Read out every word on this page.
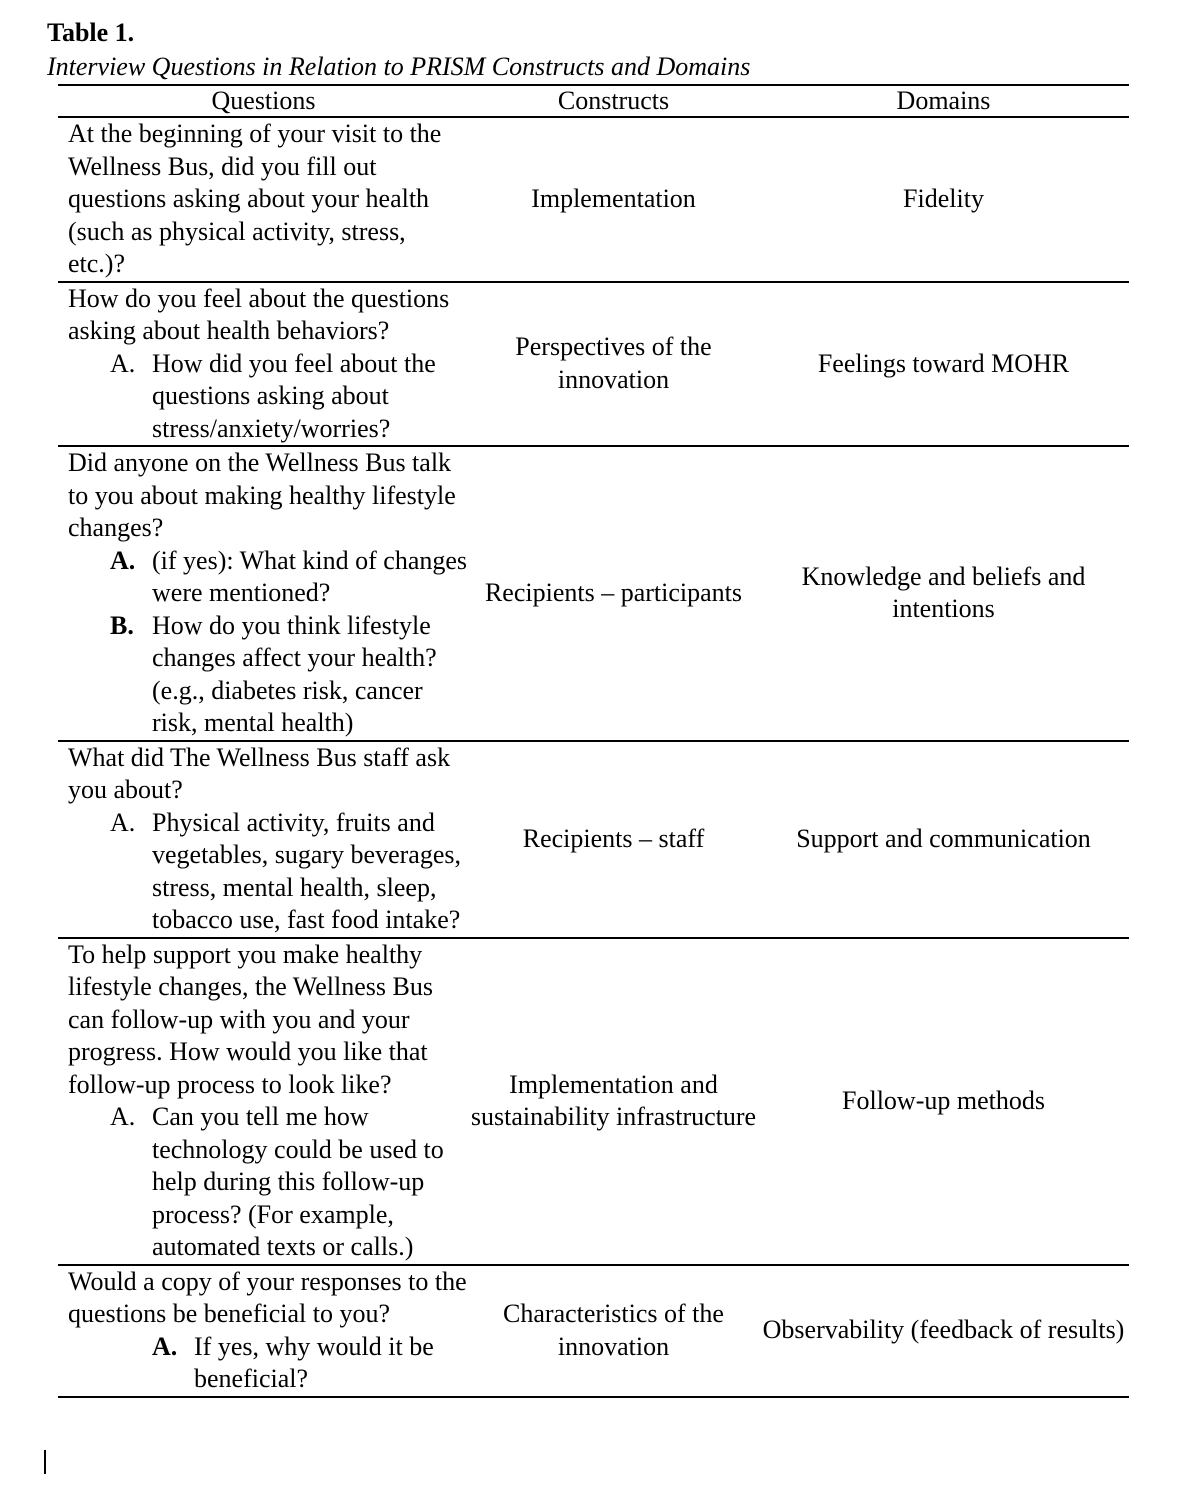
Table 1.

Interview Questions in Relation to PRISM Constructs and Domains

Questions	Constructs	Domains

At the beginning of your visit to the Wellness Bus, did you fill out questions asking about your health (such as physical activity, stress, etc.)?	Implementation	Fidelity

How do you feel about the questions asking about health behaviors?
A. How did you feel about the questions asking about stress/anxiety/worries?	Perspectives of the innovation	Feelings toward MOHR

Did anyone on the Wellness Bus talk to you about making healthy lifestyle changes?
A. (if yes): What kind of changes were mentioned?
B. How do you think lifestyle changes affect your health? (e.g., diabetes risk, cancer risk, mental health)	Recipients – participants	Knowledge and beliefs and intentions

What did The Wellness Bus staff ask you about?
A. Physical activity, fruits and vegetables, sugary beverages, stress, mental health, sleep, tobacco use, fast food intake?	Recipients – staff	Support and communication

To help support you make healthy lifestyle changes, the Wellness Bus can follow-up with you and your progress. How would you like that follow-up process to look like?
A. Can you tell me how technology could be used to help during this follow-up process? (For example, automated texts or calls.)	Implementation and sustainability infrastructure	Follow-up methods

Would a copy of your responses to the questions be beneficial to you?
A. If yes, why would it be beneficial?	Characteristics of the innovation	Observability (feedback of results)
